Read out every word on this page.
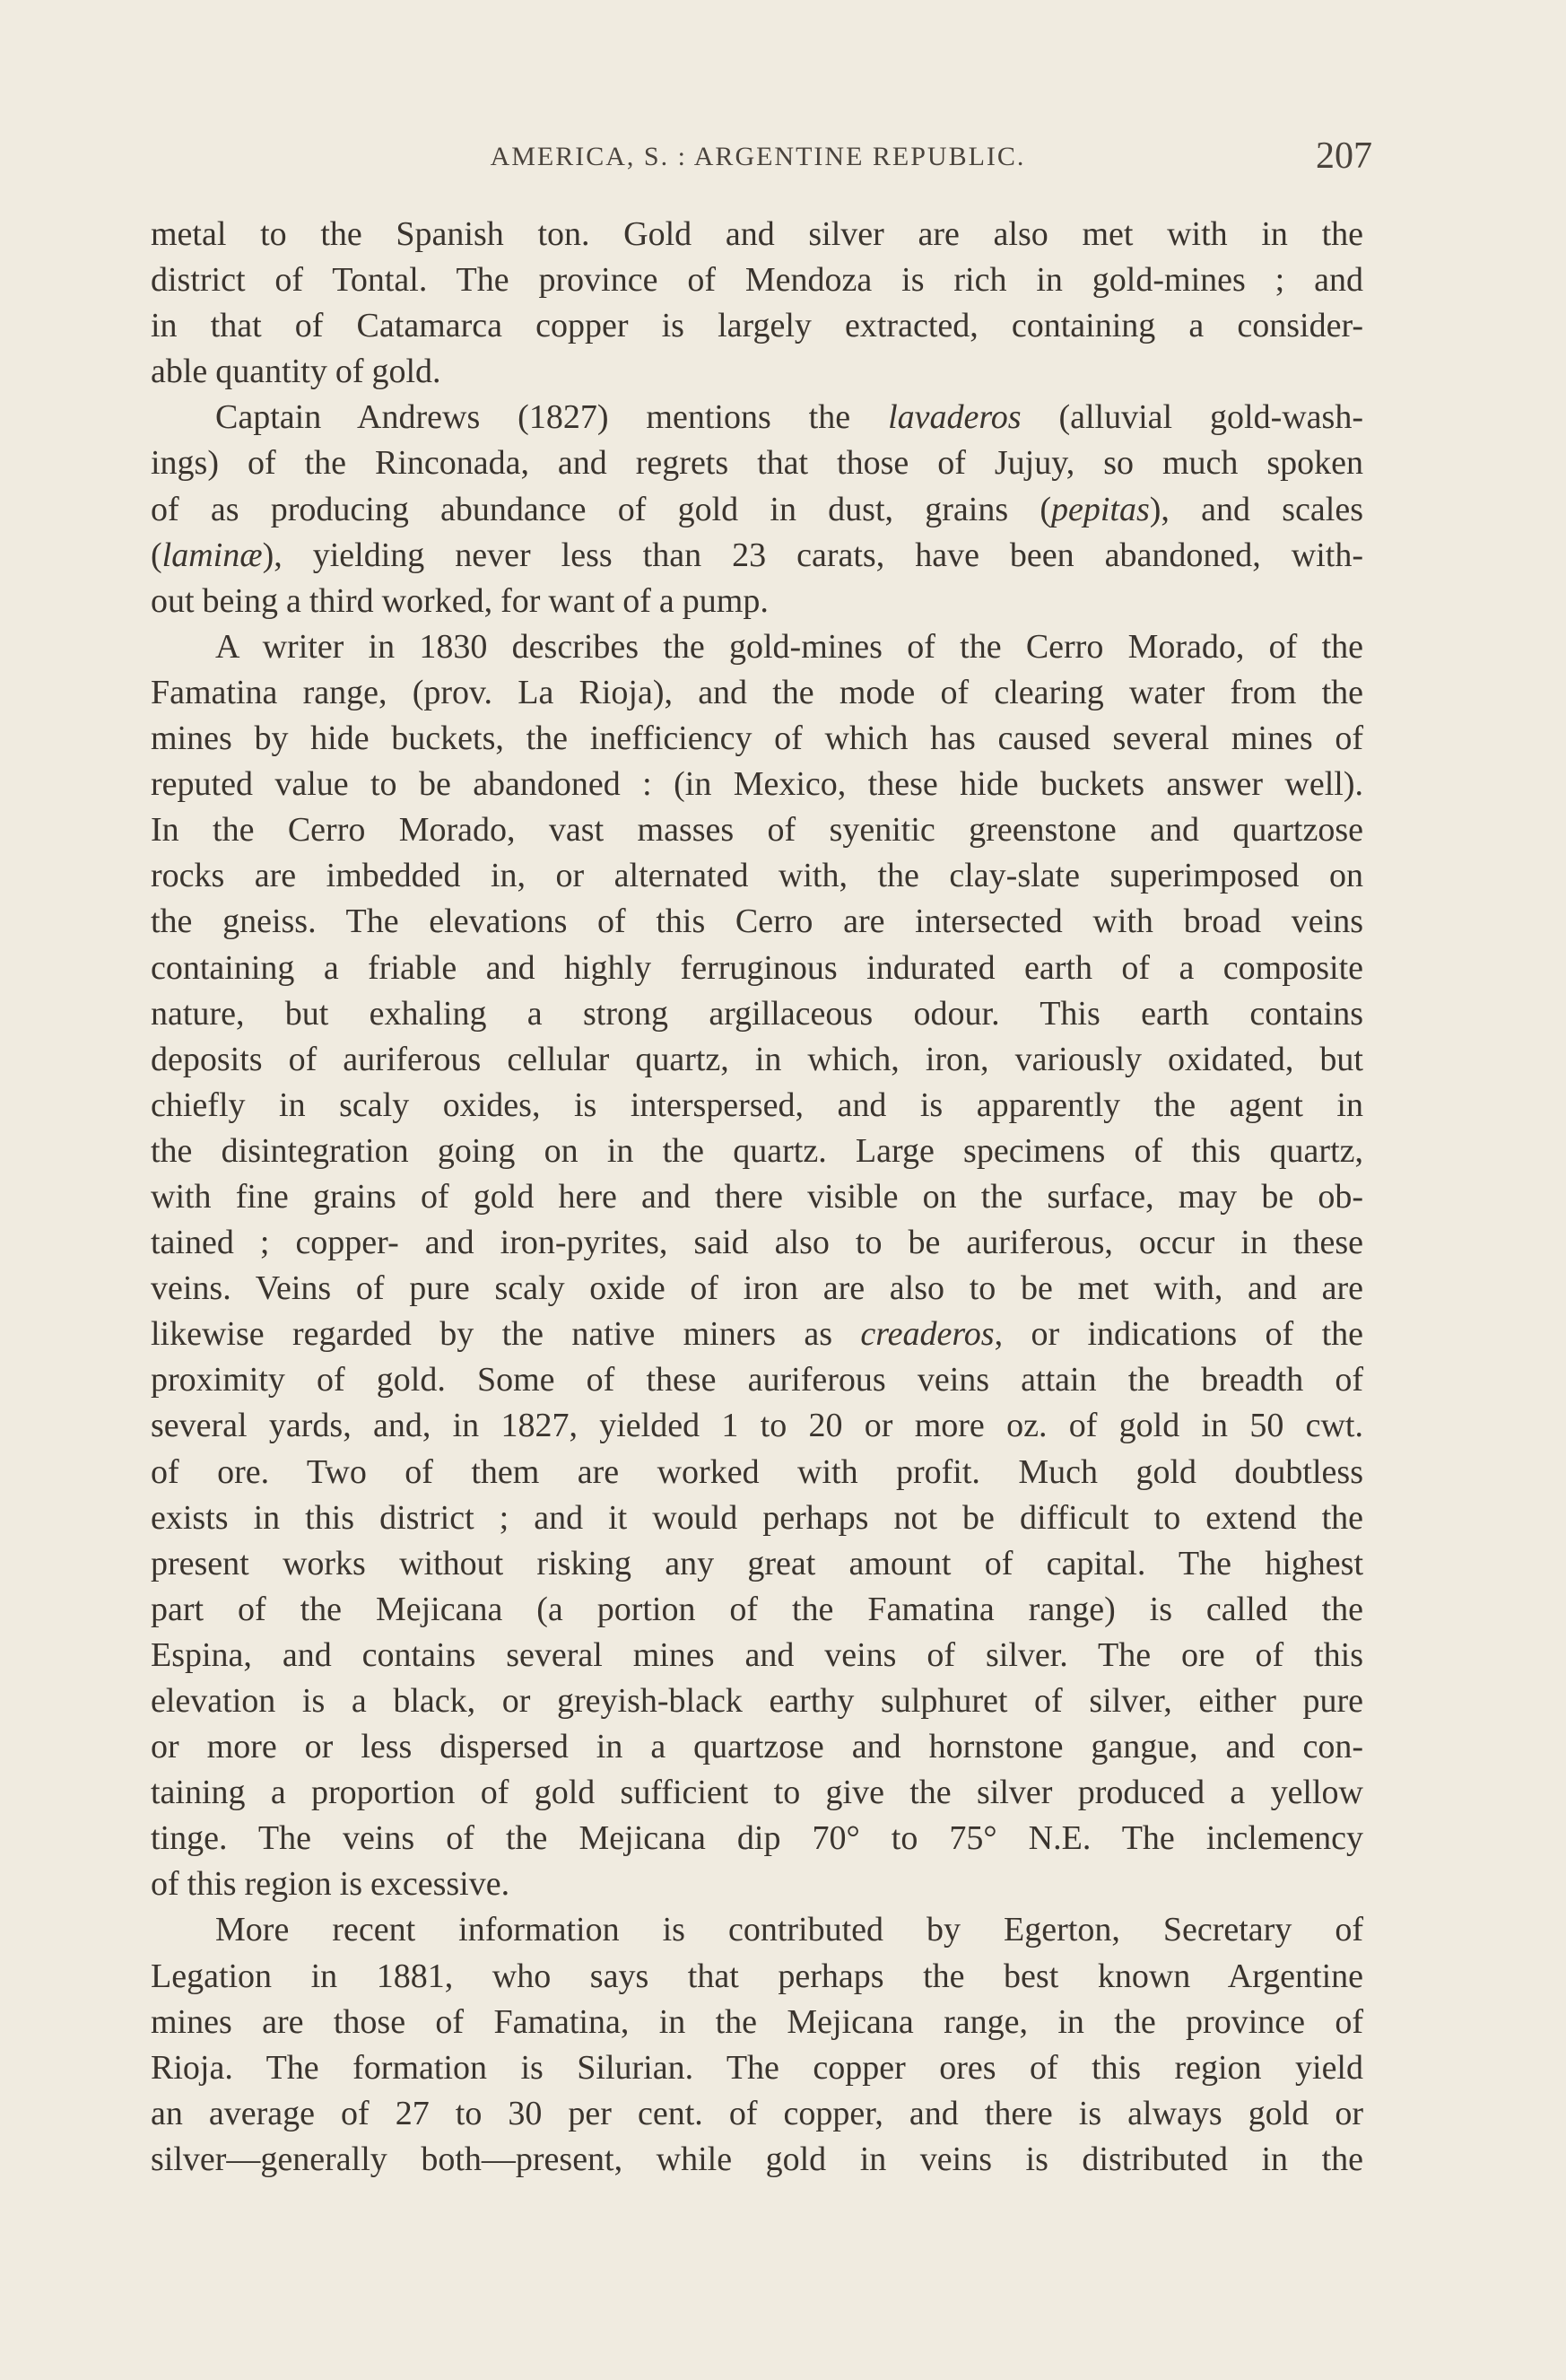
AMERICA, S. : ARGENTINE REPUBLIC.	207
metal to the Spanish ton. Gold and silver are also met with in the
district of Tontal. The province of Mendoza is rich in gold-mines ; and
in that of Catamarca copper is largely extracted, containing a consider-
able quantity of gold.
Captain Andrews (1827) mentions the lavaderos (alluvial gold-wash-
ings) of the Rinconada, and regrets that those of Jujuy, so much spoken
of as producing abundance of gold in dust, grains (pepitas), and scales
(laminæ), yielding never less than 23 carats, have been abandoned, with-
out being a third worked, for want of a pump.
A writer in 1830 describes the gold-mines of the Cerro Morado, of the
Famatina range, (prov. La Rioja), and the mode of clearing water from the
mines by hide buckets, the inefficiency of which has caused several mines of
reputed value to be abandoned : (in Mexico, these hide buckets answer well).
In the Cerro Morado, vast masses of syenitic greenstone and quartzose
rocks are imbedded in, or alternated with, the clay-slate superimposed on
the gneiss. The elevations of this Cerro are intersected with broad veins
containing a friable and highly ferruginous indurated earth of a composite
nature, but exhaling a strong argillaceous odour. This earth contains
deposits of auriferous cellular quartz, in which, iron, variously oxidated, but
chiefly in scaly oxides, is interspersed, and is apparently the agent in
the disintegration going on in the quartz. Large specimens of this quartz,
with fine grains of gold here and there visible on the surface, may be ob-
tained ; copper- and iron-pyrites, said also to be auriferous, occur in these
veins. Veins of pure scaly oxide of iron are also to be met with, and are
likewise regarded by the native miners as creaderos, or indications of the
proximity of gold. Some of these auriferous veins attain the breadth of
several yards, and, in 1827, yielded 1 to 20 or more oz. of gold in 50 cwt.
of ore. Two of them are worked with profit. Much gold doubtless
exists in this district ; and it would perhaps not be difficult to extend the
present works without risking any great amount of capital. The highest
part of the Mejicana (a portion of the Famatina range) is called the
Espina, and contains several mines and veins of silver. The ore of this
elevation is a black, or greyish-black earthy sulphuret of silver, either pure
or more or less dispersed in a quartzose and hornstone gangue, and con-
taining a proportion of gold sufficient to give the silver produced a yellow
tinge. The veins of the Mejicana dip 70° to 75° N.E. The inclemency
of this region is excessive.
More recent information is contributed by Egerton, Secretary of
Legation in 1881, who says that perhaps the best known Argentine
mines are those of Famatina, in the Mejicana range, in the province of
Rioja. The formation is Silurian. The copper ores of this region yield
an average of 27 to 30 per cent. of copper, and there is always gold or
silver—generally both—present, while gold in veins is distributed in the
